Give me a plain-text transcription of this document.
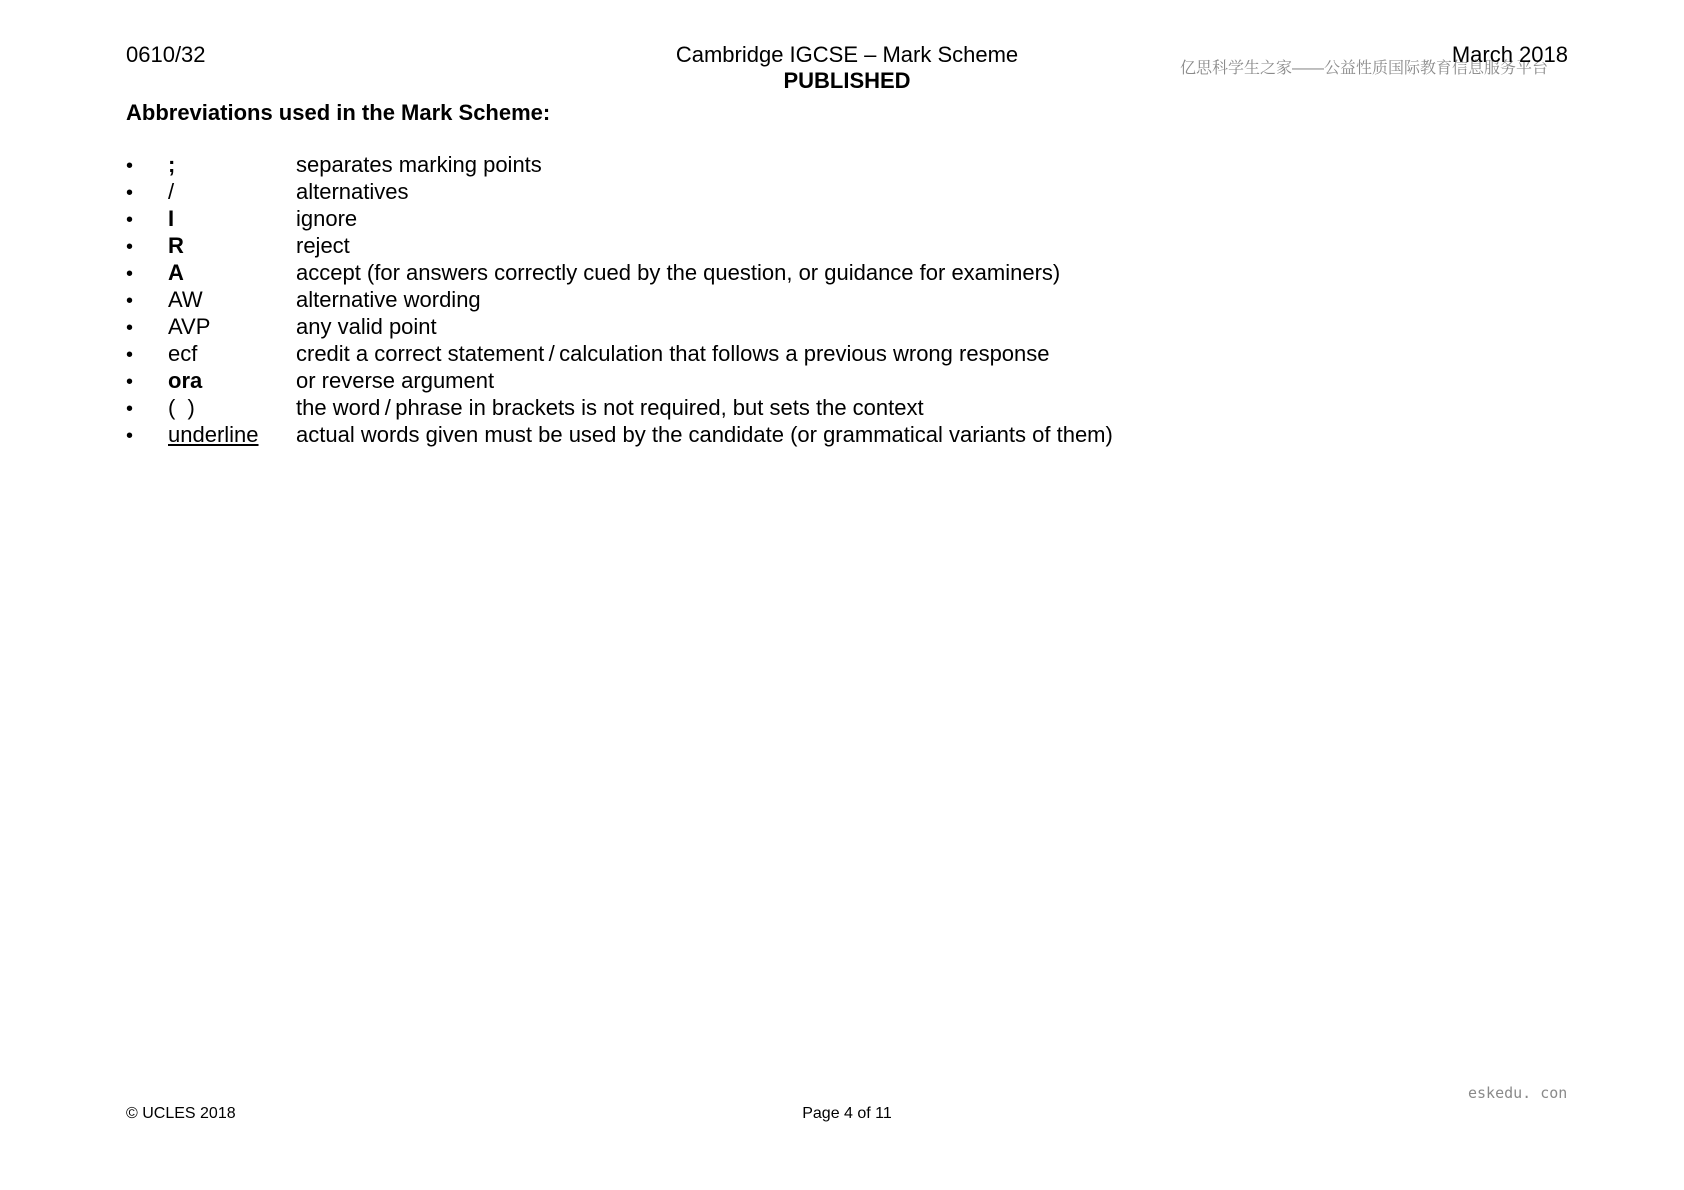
0610/32	Cambridge IGCSE – Mark Scheme
PUBLISHED	亿思科学生之家——公益性质国际教育信息服务平台
March 2018
Abbreviations used in the Mark Scheme:
•	;	separates marking points
•	/	alternatives
•	I	ignore
•	R	reject
•	A	accept (for answers correctly cued by the question, or guidance for examiners)
•	AW	alternative wording
•	AVP	any valid point
•	ecf	credit a correct statement / calculation that follows a previous wrong response
•	ora	or reverse argument
•	(  )	the word / phrase in brackets is not required, but sets the context
•	underline	actual words given must be used by the candidate (or grammatical variants of them)
eskedu. con
© UCLES 2018	Page 4 of 11
